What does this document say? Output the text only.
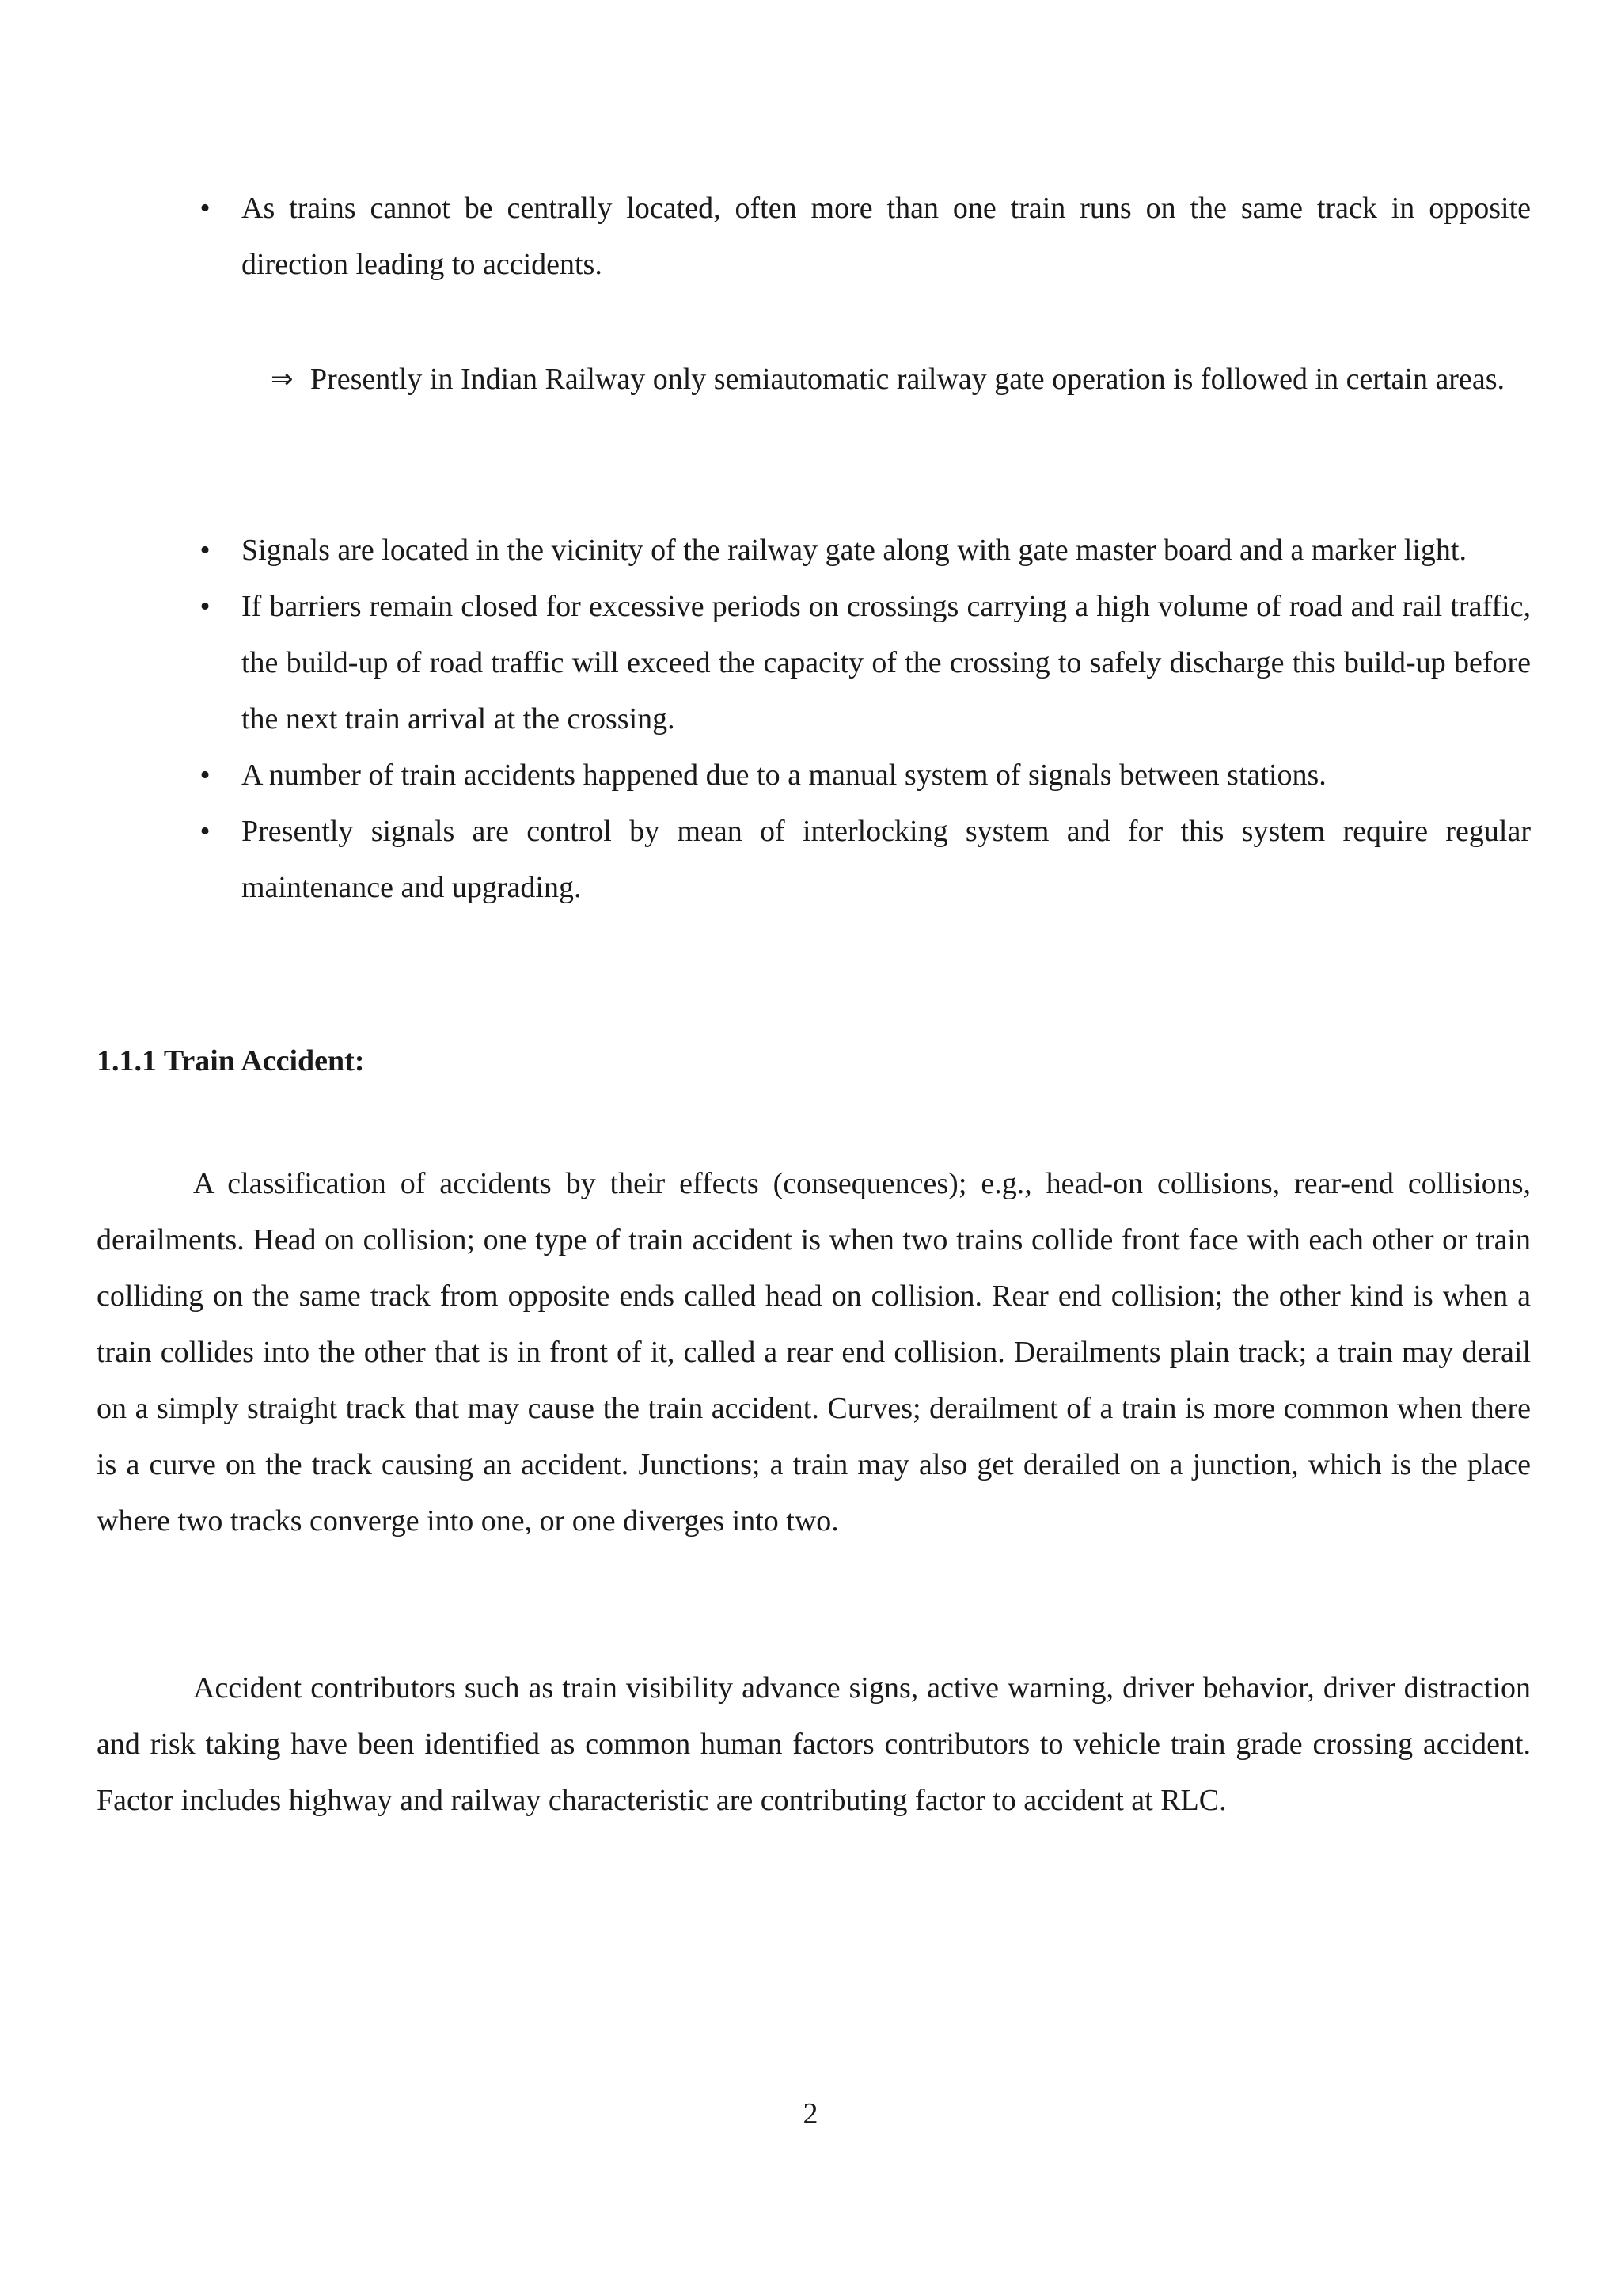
• As trains cannot be centrally located, often more than one train runs on the same track in opposite direction leading to accidents.

⇒ Presently in Indian Railway only semiautomatic railway gate operation is followed in certain areas.

• Signals are located in the vicinity of the railway gate along with gate master board and a marker light.
• If barriers remain closed for excessive periods on crossings carrying a high volume of road and rail traffic, the build-up of road traffic will exceed the capacity of the crossing to safely discharge this build-up before the next train arrival at the crossing.
• A number of train accidents happened due to a manual system of signals between stations.
• Presently signals are control by mean of interlocking system and for this system require regular maintenance and upgrading.
1.1.1 Train Accident:

A classification of accidents by their effects (consequences); e.g., head-on collisions, rear-end collisions, derailments. Head on collision; one type of train accident is when two trains collide front face with each other or train colliding on the same track from opposite ends called head on collision. Rear end collision; the other kind is when a train collides into the other that is in front of it, called a rear end collision. Derailments plain track; a train may derail on a simply straight track that may cause the train accident. Curves; derailment of a train is more common when there is a curve on the track causing an accident. Junctions; a train may also get derailed on a junction, which is the place where two tracks converge into one, or one diverges into two.

Accident contributors such as train visibility advance signs, active warning, driver behavior, driver distraction and risk taking have been identified as common human factors contributors to vehicle train grade crossing accident. Factor includes highway and railway characteristic are contributing factor to accident at RLC.

2
